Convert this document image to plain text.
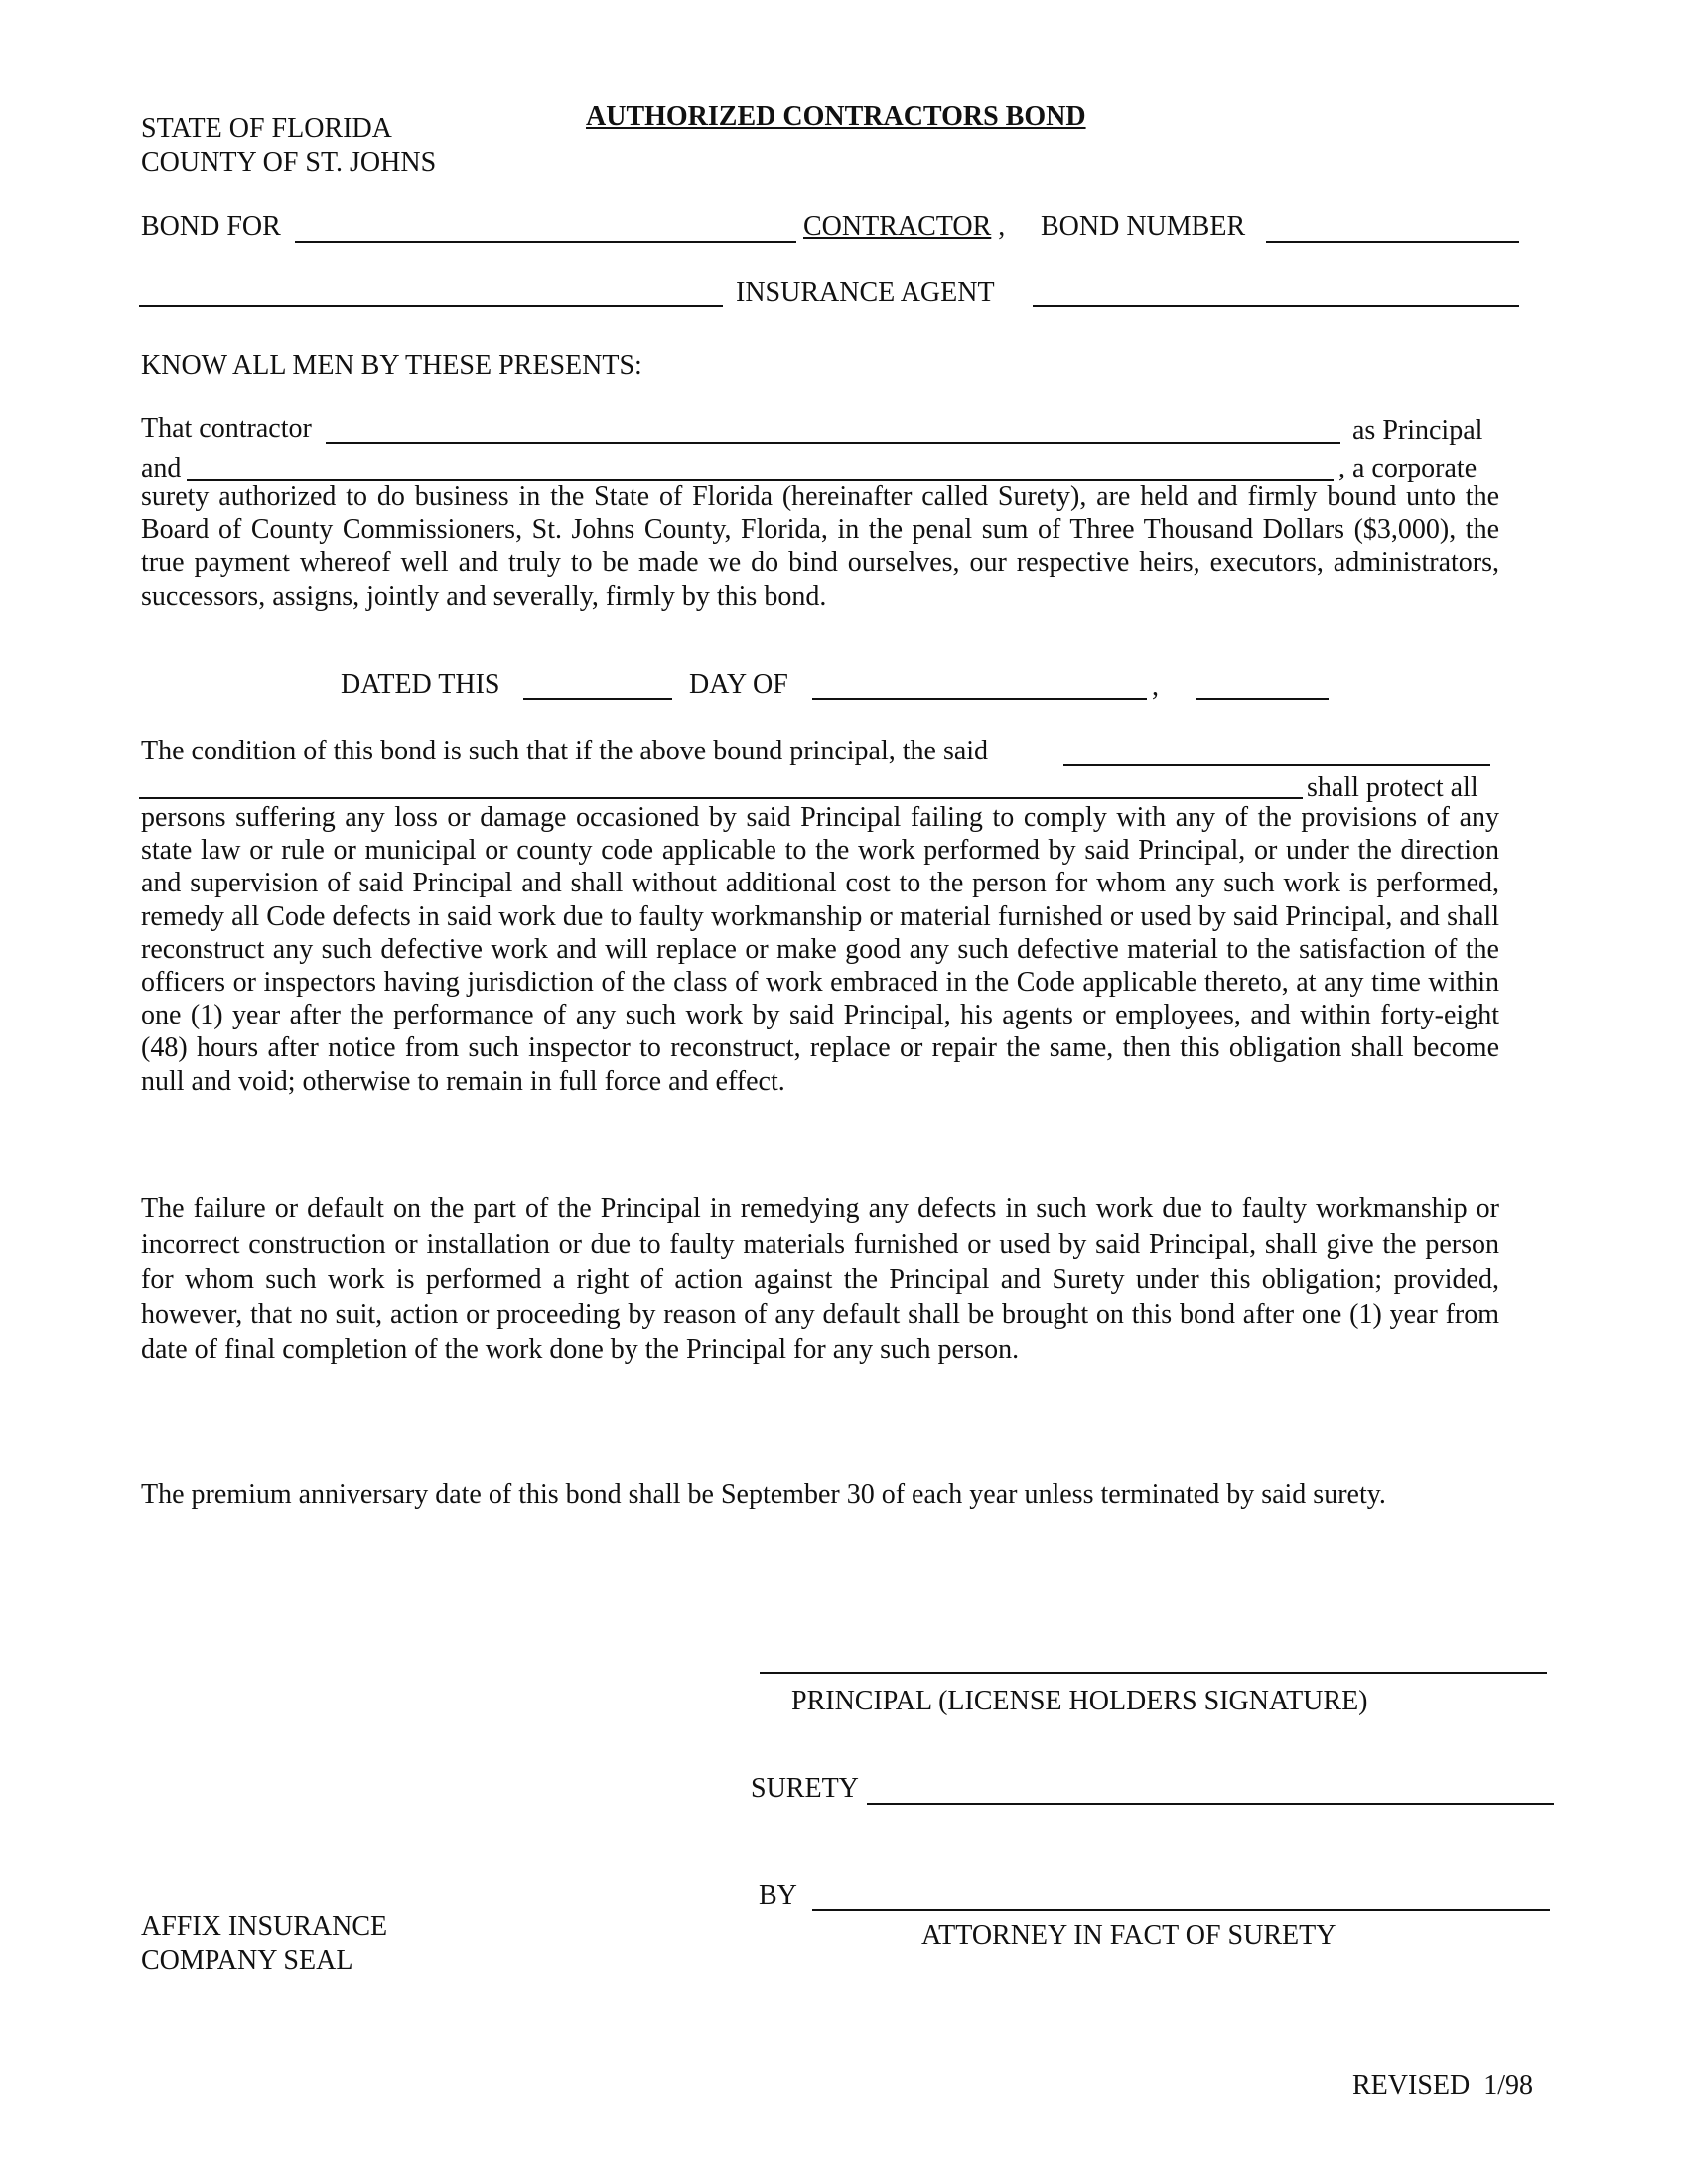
STATE OF FLORIDA
COUNTY OF ST. JOHNS
AUTHORIZED CONTRACTORS BOND
BOND FOR	CONTRACTOR , BOND NUMBER
INSURANCE AGENT
KNOW ALL MEN BY THESE PRESENTS:
That contractor	as Principal
and	, a corporate
surety authorized to do business in the State of Florida (hereinafter called Surety), are held and firmly bound unto the Board of County Commissioners, St. Johns County, Florida, in the penal sum of Three Thousand Dollars ($3,000), the true payment whereof well and truly to be made we do bind ourselves, our respective heirs, executors, administrators, successors, assigns, jointly and severally, firmly by this bond.
DATED THIS	DAY OF	,
The condition of this bond is such that if the above bound principal, the said
shall protect all
persons suffering any loss or damage occasioned by said Principal failing to comply with any of the provisions of any state law or rule or municipal or county code applicable to the work performed by said Principal, or under the direction and supervision of said Principal and shall without additional cost to the person for whom any such work is performed, remedy all Code defects in said work due to faulty workmanship or material furnished or used by said Principal, and shall reconstruct any such defective work and will replace or make good any such defective material to the satisfaction of the officers or inspectors having jurisdiction of the class of work embraced in the Code applicable thereto, at any time within one (1) year after the performance of any such work by said Principal, his agents or employees, and within forty-eight (48) hours after notice from such inspector to reconstruct, replace or repair the same, then this obligation shall become null and void; otherwise to remain in full force and effect.
The failure or default on the part of the Principal in remedying any defects in such work due to faulty workmanship or incorrect construction or installation or due to faulty materials furnished or used by said Principal, shall give the person for whom such work is performed a right of action against the Principal and Surety under this obligation; provided, however, that no suit, action or proceeding by reason of any default shall be brought on this bond after one (1) year from date of final completion of the work done by the Principal for any such person.
The premium anniversary date of this bond shall be September 30 of each year unless terminated by said surety.
PRINCIPAL (LICENSE HOLDERS SIGNATURE)
SURETY
BY
ATTORNEY IN FACT OF SURETY
AFFIX INSURANCE
COMPANY SEAL
REVISED  1/98
